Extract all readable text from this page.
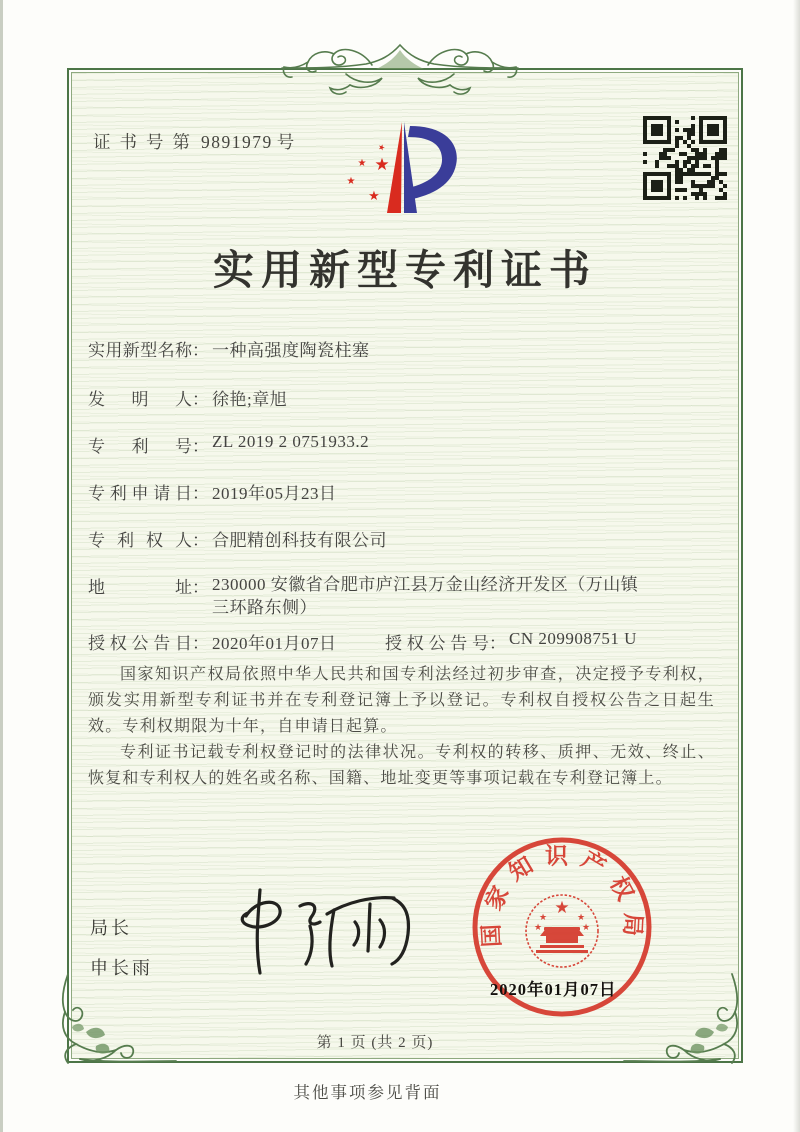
证书号第 9891979 号	★
★ ★
★
★
实用新型专利证书
实用新型名称： 一种高强度陶瓷柱塞
发明人： 徐艳;章旭
专利号： ZL 2019 2 0751933.2
专利申请日： 2019年05月23日
专利权人： 合肥精创科技有限公司
地址： 230000 安徽省合肥市庐江县万金山经济开发区（万山镇
三环路东侧）
授权公告日： 2020年01月07日	授权公告号： CN 209908751 U

国家知识产权局依照中华人民共和国专利法经过初步审查，决定授予专利权，颁发实用新型专利证书并在专利登记簿上予以登记。专利权自授权公告之日起生效。专利权期限为十年，自申请日起算。

专利证书记载专利权登记时的法律状况。专利权的转移、质押、无效、终止、恢复和专利权人的姓名或名称、国籍、地址变更等事项记载在专利登记簿上。

局长
申长雨
国家知识产权局
★
★	★
★	★
2020年01月07日
第 1 页 (共 2 页)
其他事项参见背面
